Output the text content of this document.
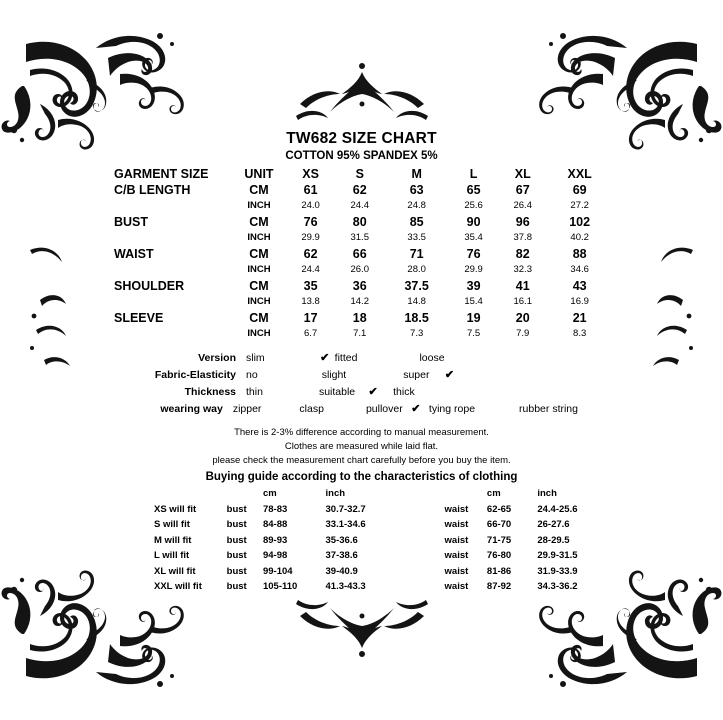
TW682 SIZE CHART
COTTON 95% SPANDEX 5%
GARMENT SIZE	UNIT	XS	S	M	L	XL	XXL
C/B LENGTH	CM	61	62	63	65	67	69
	INCH	24.0	24.4	24.8	25.6	26.4	27.2
BUST	CM	76	80	85	90	96	102
	INCH	29.9	31.5	33.5	35.4	37.8	40.2
WAIST	CM	62	66	71	76	82	88
	INCH	24.4	26.0	28.0	29.9	32.3	34.6
SHOULDER	CM	35	36	37.5	39	41	43
	INCH	13.8	14.2	14.8	15.4	16.1	16.9
SLEEVE	CM	17	18	18.5	19	20	21
	INCH	6.7	7.1	7.3	7.5	7.9	8.3
Version slim	✔ fitted	loose
Fabric-Elasticity no	slight	super ✔
Thickness thin	suitable ✔ thick
wearing way zipper	clasp	pullover ✔ tying rope	rubber string
There is 2-3% difference according to manual measurement.
Clothes are measured while laid flat.
please check the measurement chart carefully before you buy the item.
Buying guide according to the characteristics of clothing
		cm	inch		cm	inch
XS will fit	bust	78-83	30.7-32.7	waist	62-65	24.4-25.6
S will fit	bust	84-88	33.1-34.6	waist	66-70	26-27.6
M will fit	bust	89-93	35-36.6	waist	71-75	28-29.5
L will fit	bust	94-98	37-38.6	waist	76-80	29.9-31.5
XL will fit	bust	99-104	39-40.9	waist	81-86	31.9-33.9
XXL will fit	bust	105-110	41.3-43.3	waist	87-92	34.3-36.2
